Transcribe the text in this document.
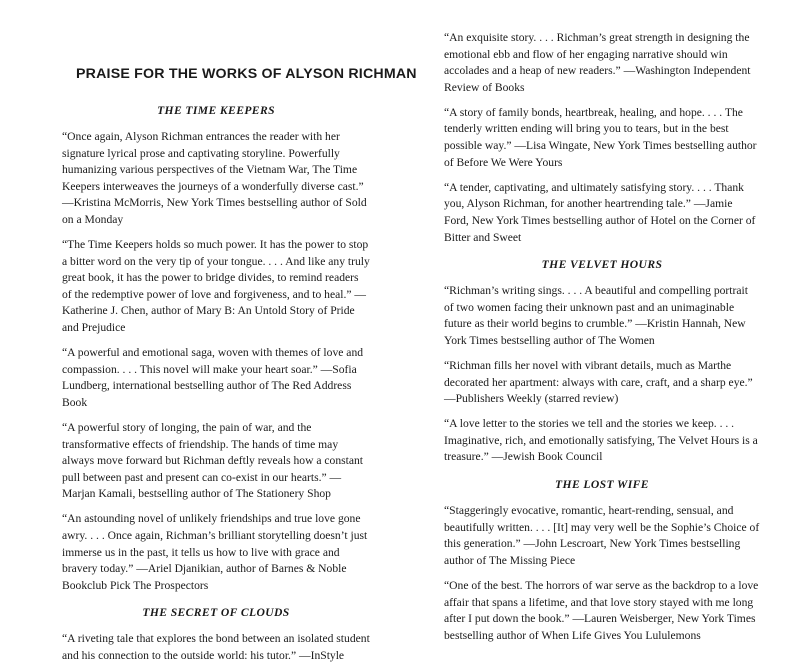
PRAISE FOR THE WORKS OF ALYSON RICHMAN
THE TIME KEEPERS

“Once again, Alyson Richman entrances the reader with her signature lyrical prose and captivating storyline. Powerfully humanizing various perspectives of the Vietnam War, The Time Keepers interweaves the journeys of a wonderfully diverse cast.” —Kristina McMorris, New York Times bestselling author of Sold on a Monday

“The Time Keepers holds so much power. It has the power to stop a bitter word on the very tip of your tongue. . . . And like any truly great book, it has the power to bridge divides, to remind readers of the redemptive power of love and forgiveness, and to heal.” —Katherine J. Chen, author of Mary B: An Untold Story of Pride and Prejudice

“A powerful and emotional saga, woven with themes of love and compassion. . . . This novel will make your heart soar.” —Sofia Lundberg, international bestselling author of The Red Address Book

“A powerful story of longing, the pain of war, and the transformative effects of friendship. The hands of time may always move forward but Richman deftly reveals how a constant pull between past and present can co-exist in our hearts.” —Marjan Kamali, bestselling author of The Stationery Shop

“An astounding novel of unlikely friendships and true love gone awry. . . . Once again, Richman’s brilliant storytelling doesn’t just immerse us in the past, it tells us how to live with grace and bravery today.” —Ariel Djanikian, author of Barnes & Noble Bookclub Pick The Prospectors

THE SECRET OF CLOUDS

“A riveting tale that explores the bond between an isolated student and his connection to the outside world: his tutor.” —InStyle

“An exquisite story. . . . Richman’s great strength in designing the emotional ebb and flow of her engaging narrative should win accolades and a heap of new readers.” —Washington Independent Review of Books

“A story of family bonds, heartbreak, healing, and hope. . . . The tenderly written ending will bring you to tears, but in the best possible way.” —Lisa Wingate, New York Times bestselling author of Before We Were Yours

“A tender, captivating, and ultimately satisfying story. . . . Thank you, Alyson Richman, for another heartrending tale.” —Jamie Ford, New York Times bestselling author of Hotel on the Corner of Bitter and Sweet

THE VELVET HOURS

“Richman’s writing sings. . . . A beautiful and compelling portrait of two women facing their unknown past and an unimaginable future as their world begins to crumble.” —Kristin Hannah, New York Times bestselling author of The Women

“Richman fills her novel with vibrant details, much as Marthe decorated her apartment: always with care, craft, and a sharp eye.” —Publishers Weekly (starred review)

“A love letter to the stories we tell and the stories we keep. . . . Imaginative, rich, and emotionally satisfying, The Velvet Hours is a treasure.” —Jewish Book Council

THE LOST WIFE

“Staggeringly evocative, romantic, heart-rending, sensual, and beautifully written. . . . [It] may very well be the Sophie’s Choice of this generation.” —John Lescroart, New York Times bestselling author of The Missing Piece

“One of the best. The horrors of war serve as the backdrop to a love affair that spans a lifetime, and that love story stayed with me long after I put down the book.” —Lauren Weisberger, New York Times bestselling author of When Life Gives You Lululemons
